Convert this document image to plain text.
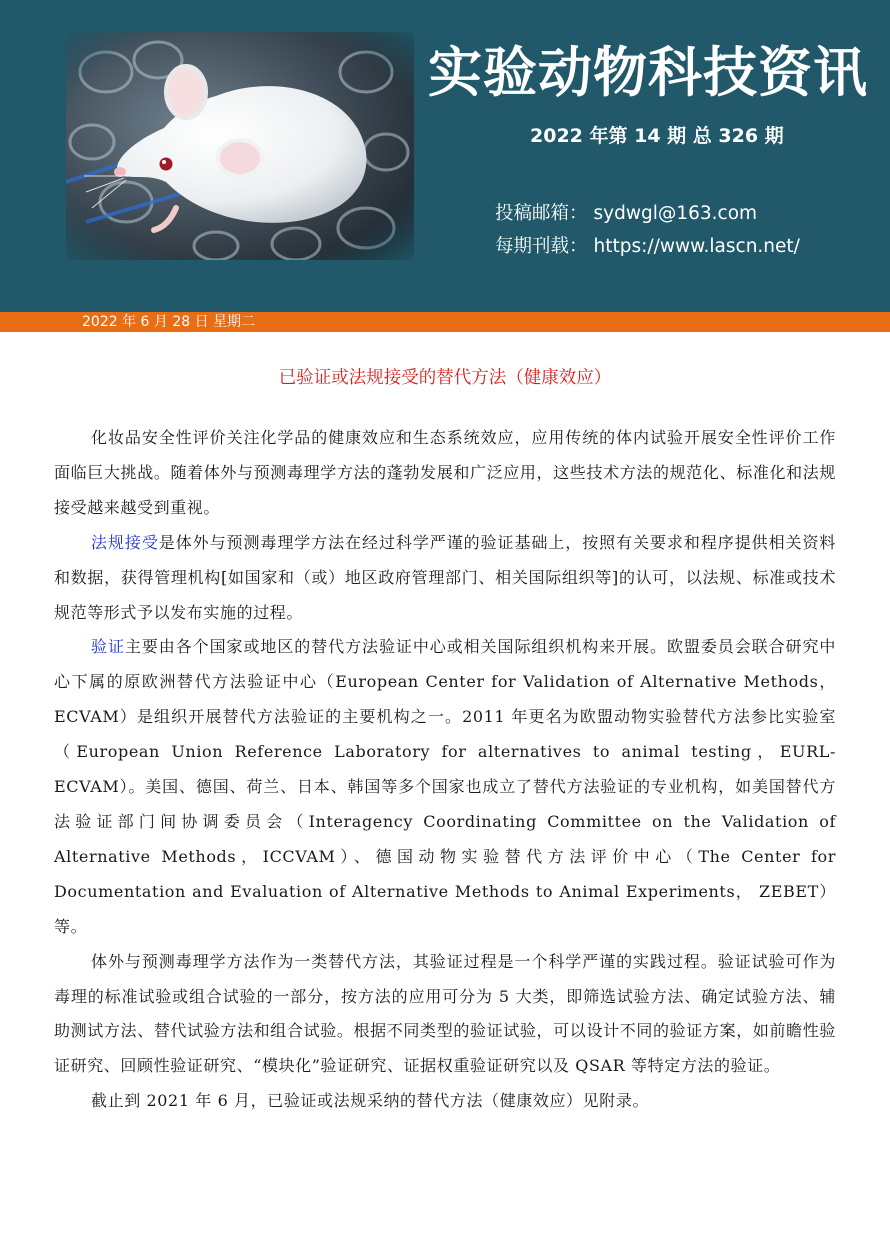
实验动物科技资讯
2022 年第 14 期 总 326 期
投稿邮箱： sydwgl@163.com
每期刊载： https://www.lascn.net/
2022 年 6 月 28 日 星期二
已验证或法规接受的替代方法（健康效应）

化妆品安全性评价关注化学品的健康效应和生态系统效应，应用传统的体内试验开展安全性评价工作面临巨大挑战。随着体外与预测毒理学方法的蓬勃发展和广泛应用，这些技术方法的规范化、标准化和法规接受越来越受到重视。

法规接受是体外与预测毒理学方法在经过科学严谨的验证基础上，按照有关要求和程序提供相关资料和数据，获得管理机构[如国家和（或）地区政府管理部门、相关国际组织等]的认可，以法规、标准或技术规范等形式予以发布实施的过程。

验证主要由各个国家或地区的替代方法验证中心或相关国际组织机构来开展。欧盟委员会联合研究中心下属的原欧洲替代方法验证中心（European Center for Validation of Alternative Methods，ECVAM）是组织开展替代方法验证的主要机构之一。2011 年更名为欧盟动物实验替代方法参比实验室（European Union Reference Laboratory for alternatives to animal testing，EURL-ECVAM）。美国、德国、荷兰、日本、韩国等多个国家也成立了替代方法验证的专业机构，如美国替代方法验证部门间协调委员会（Interagency Coordinating Committee on the Validation of Alternative Methods，ICCVAM）、德国动物实验替代方法评价中心（The Center for Documentation and Evaluation of Alternative Methods to Animal Experiments， ZEBET）等。

体外与预测毒理学方法作为一类替代方法，其验证过程是一个科学严谨的实践过程。验证试验可作为毒理的标准试验或组合试验的一部分，按方法的应用可分为 5 大类，即筛选试验方法、确定试验方法、辅助测试方法、替代试验方法和组合试验。根据不同类型的验证试验，可以设计不同的验证方案，如前瞻性验证研究、回顾性验证研究、“模块化”验证研究、证据权重验证研究以及 QSAR 等特定方法的验证。

截止到 2021 年 6 月，已验证或法规采纳的替代方法（健康效应）见附录。
